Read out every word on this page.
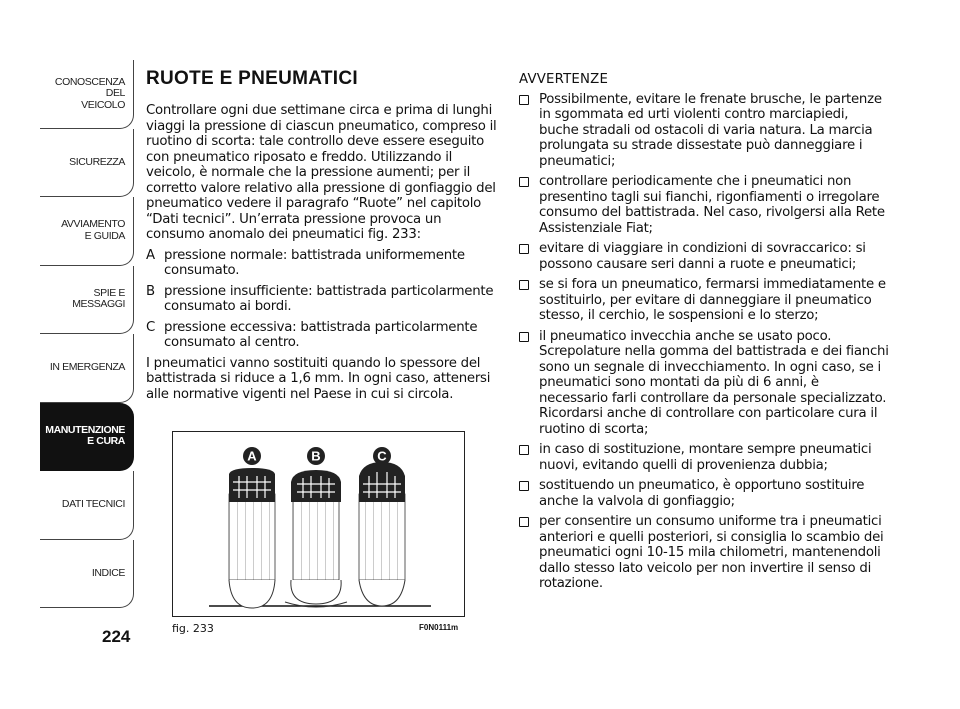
CONOSCENZA
DEL
VEICOLO
SICUREZZA
AVVIAMENTO
E GUIDA
SPIE E
MESSAGGI
IN EMERGENZA
MANUTENZIONE
E CURA
DATI TECNICI
INDICE
224
RUOTE E PNEUMATICI

Controllare ogni due settimane circa e prima di lunghi viaggi la pressione di ciascun pneumatico, compreso il ruotino di scorta: tale controllo deve essere eseguito con pneumatico riposato e freddo. Utilizzando il veicolo, è normale che la pressione aumenti; per il corretto valore relativo alla pressione di gonfiaggio del pneumatico vedere il paragrafo “Ruote” nel capitolo “Dati tecnici”. Un’errata pressione provoca un consumo anomalo dei pneumatici fig. 233:

A pressione normale: battistrada uniformemente consumato.
B pressione insufficiente: battistrada particolarmente consumato ai bordi.
C pressione eccessiva: battistrada particolarmente consumato al centro.

I pneumatici vanno sostituiti quando lo spessore del battistrada si riduce a 1,6 mm. In ogni caso, attenersi alle normative vigenti nel Paese in cui si circola.

A	B	C
fig. 233	F0N0111m

AVVERTENZE

Possibilmente, evitare le frenate brusche, le partenze in sgommata ed urti violenti contro marciapiedi, buche stradali od ostacoli di varia natura. La marcia prolungata su strade dissestate può danneggiare i pneumatici;
controllare periodicamente che i pneumatici non presentino tagli sui fianchi, rigonfiamenti o irregolare consumo del battistrada. Nel caso, rivolgersi alla Rete Assistenziale Fiat;
evitare di viaggiare in condizioni di sovraccarico: si possono causare seri danni a ruote e pneumatici;
se si fora un pneumatico, fermarsi immediatamente e sostituirlo, per evitare di danneggiare il pneumatico stesso, il cerchio, le sospensioni e lo sterzo;
il pneumatico invecchia anche se usato poco. Screpolature nella gomma del battistrada e dei fianchi sono un segnale di invecchiamento. In ogni caso, se i pneumatici sono montati da più di 6 anni, è necessario farli controllare da personale specializzato. Ricordarsi anche di controllare con particolare cura il ruotino di scorta;
in caso di sostituzione, montare sempre pneumatici nuovi, evitando quelli di provenienza dubbia;
sostituendo un pneumatico, è opportuno sostituire anche la valvola di gonfiaggio;
per consentire un consumo uniforme tra i pneumatici anteriori e quelli posteriori, si consiglia lo scambio dei pneumatici ogni 10-15 mila chilometri, mantenendoli dallo stesso lato veicolo per non invertire il senso di rotazione.
